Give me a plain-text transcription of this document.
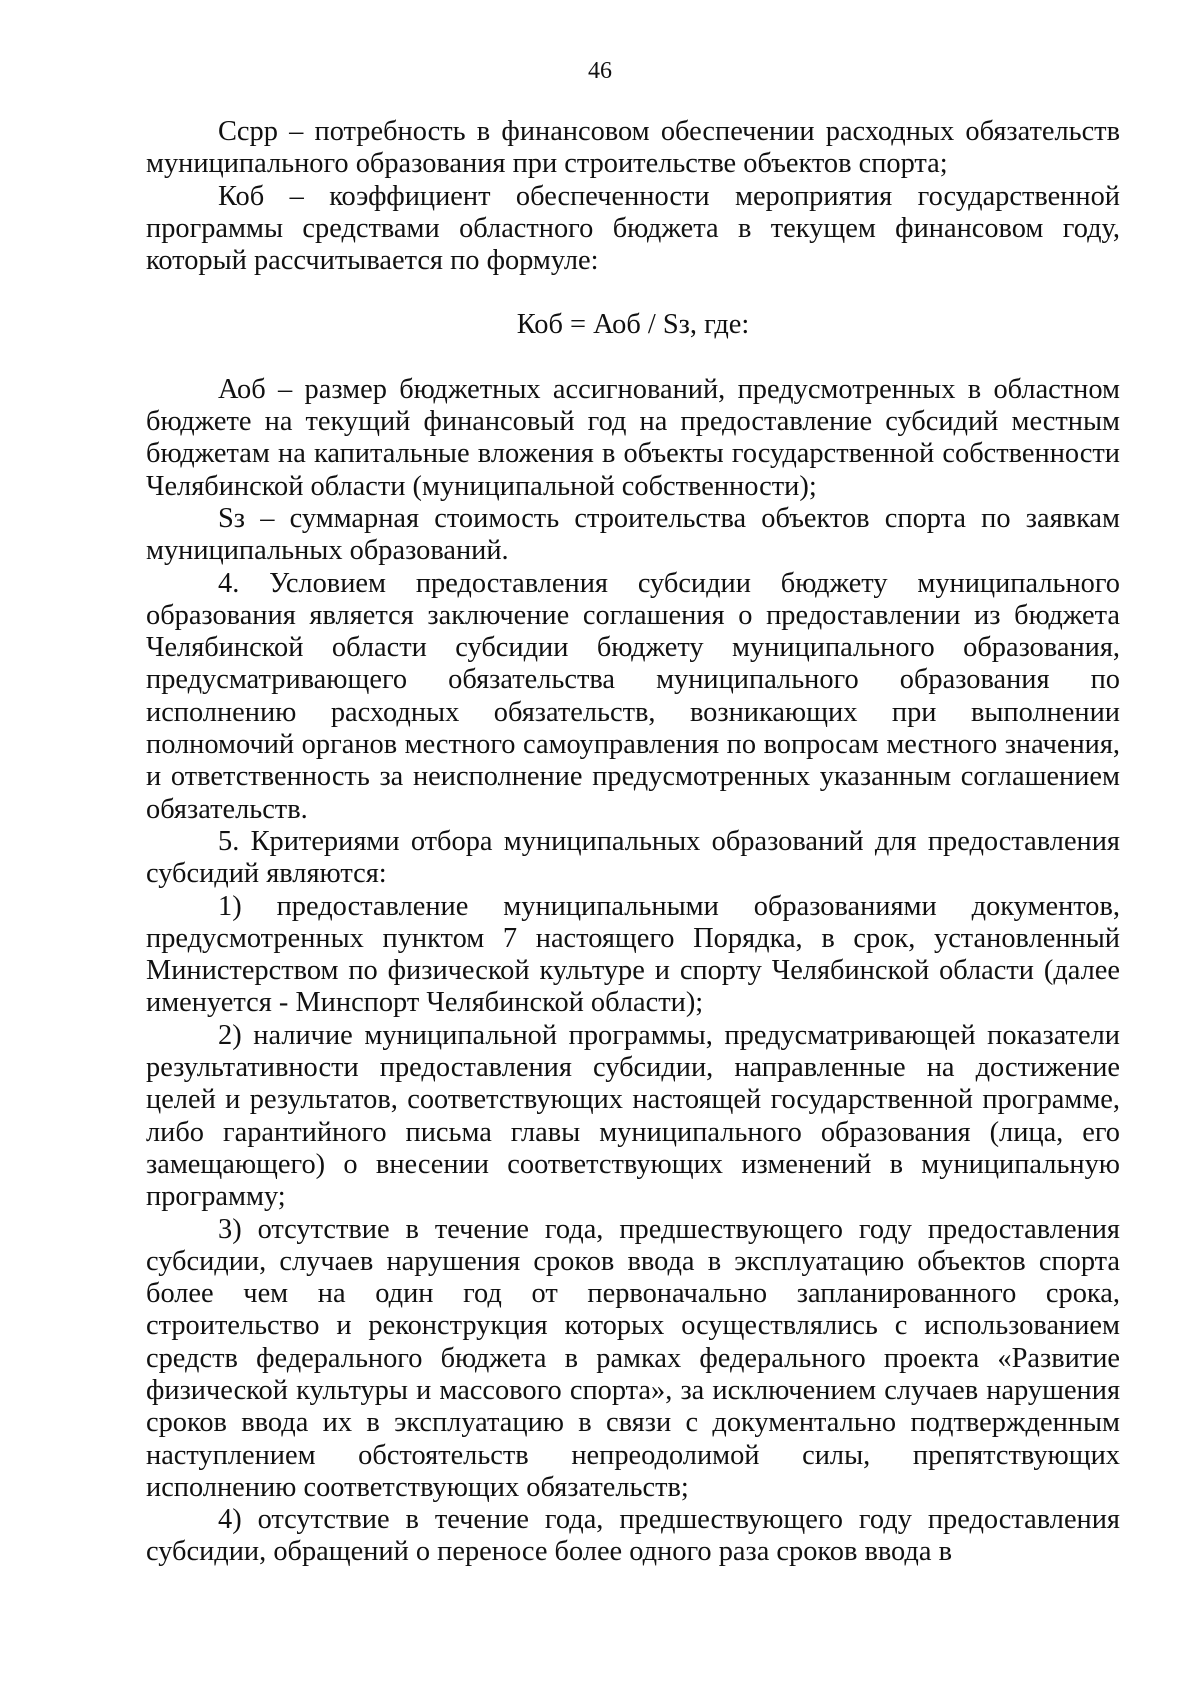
46

Cсрр – потребность в финансовом обеспечении расходных обязательств муниципального образования при строительстве объектов спорта;

Коб – коэффициент обеспеченности мероприятия государственной программы средствами областного бюджета в текущем финансовом году, который рассчитывается по формуле:

Коб = Аоб / Sз, где:

Аоб – размер бюджетных ассигнований, предусмотренных в областном бюджете на текущий финансовый год на предоставление субсидий местным бюджетам на капитальные вложения в объекты государственной собственности Челябинской области (муниципальной собственности);

Sз – суммарная стоимость строительства объектов спорта по заявкам муниципальных образований.

4. Условием предоставления субсидии бюджету муниципального образования является заключение соглашения о предоставлении из бюджета Челябинской области субсидии бюджету муниципального образования, предусматривающего обязательства муниципального образования по исполнению расходных обязательств, возникающих при выполнении полномочий органов местного самоуправления по вопросам местного значения, и ответственность за неисполнение предусмотренных указанным соглашением обязательств.

5. Критериями отбора муниципальных образований для предоставления субсидий являются:

1) предоставление муниципальными образованиями документов, предусмотренных пунктом 7 настоящего Порядка, в срок, установленный Министерством по физической культуре и спорту Челябинской области (далее именуется - Минспорт Челябинской области);

2) наличие муниципальной программы, предусматривающей показатели результативности предоставления субсидии, направленные на достижение целей и результатов, соответствующих настоящей государственной программе, либо гарантийного письма главы муниципального образования (лица, его замещающего) о внесении соответствующих изменений в муниципальную программу;

3) отсутствие в течение года, предшествующего году предоставления субсидии, случаев нарушения сроков ввода в эксплуатацию объектов спорта более чем на один год от первоначально запланированного срока, строительство и реконструкция которых осуществлялись с использованием средств федерального бюджета в рамках федерального проекта «Развитие физической культуры и массового спорта», за исключением случаев нарушения сроков ввода их в эксплуатацию в связи с документально подтвержденным наступлением обстоятельств непреодолимой силы, препятствующих исполнению соответствующих обязательств;

4) отсутствие в течение года, предшествующего году предоставления субсидии, обращений о переносе более одного раза сроков ввода в
